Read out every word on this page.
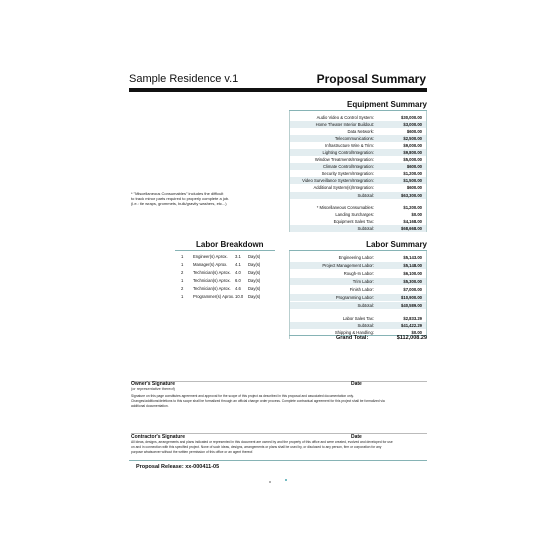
Sample Residence v.1	Proposal Summary
Equipment Summary
Audio Video & Control System:	$30,000.00
Home Theater Interior Buildout:	$3,000.00
Data Network:	$600.00
Telecommunications:	$2,500.00
Infrastructure Wire & Trim:	$9,000.00
Lighting Control/Integration:	$9,800.00
Window Treatments/Integration:	$5,000.00
Climate Control/Integration:	$600.00
Security System/Integration:	$1,200.00
Video Surveillance System/Integration:	$1,500.00
Additional System(s)/Integration:	$600.00
Subtotal:	$63,300.00
* Miscellaneous Consumables:	$1,200.00
Landing Surcharges:	$0.00
Equipment Sales Tax:	$4,168.00
Subtotal:	$68,668.00
* "Miscellaneous Consumables" includes the difficult
to track minor parts required to properly complete a job.
(i.e.: tie wraps, grommets, bulk/gravity washers, etc...)
Labor Breakdown
1 Engineer(s) Aprox. 3.1 Day(s)
1 Manager(s) Aprox. 4.1 Day(s)
2 Technician(s) Aprox. 4.0 Day(s)
1 Technician(s) Aprox. 6.0 Day(s)
2 Technician(s) Aprox. 4.6 Day(s)
1 Programmer(s) Aprox. 10.0 Day(s)
Labor Summary
Engineering Labor:	$5,143.00
Project Management Labor:	$5,148.00
Rough-In Labor:	$6,100.00
Trim Labor:	$5,300.00
Finish Labor:	$7,000.00
Programming Labor:	$10,900.00
Subtotal:	$40,589.00
Labor Sales Tax:	$2,833.29
Subtotal:	$41,422.29
Shipping & Handling:	$0.00
Grand Total:	$112,008.29
Owner's Signature
(or representative thereof)
Date
Signature on this page constitutes agreement and approval for the scope of this project as described in this proposal and associated documentation only.
Changes/additions/deletions to this scope shall be formalized through an official change order process. Complete contractual agreement for this project shall be formalized via
additional documentation.
Contractor's Signature	Date
All ideas, designs, arrangements and plans indicated or represented in this document are owned by and the property of this office and were created, evolved and developed for use
on and in connection with this specified project. None of such ideas, designs, arrangements or plans shall be used by, or disclosed to any person, firm or corporation for any
purpose whatsoever without the written permission of this office or an agent thereof.
Proposal Release: xx-000411-05
